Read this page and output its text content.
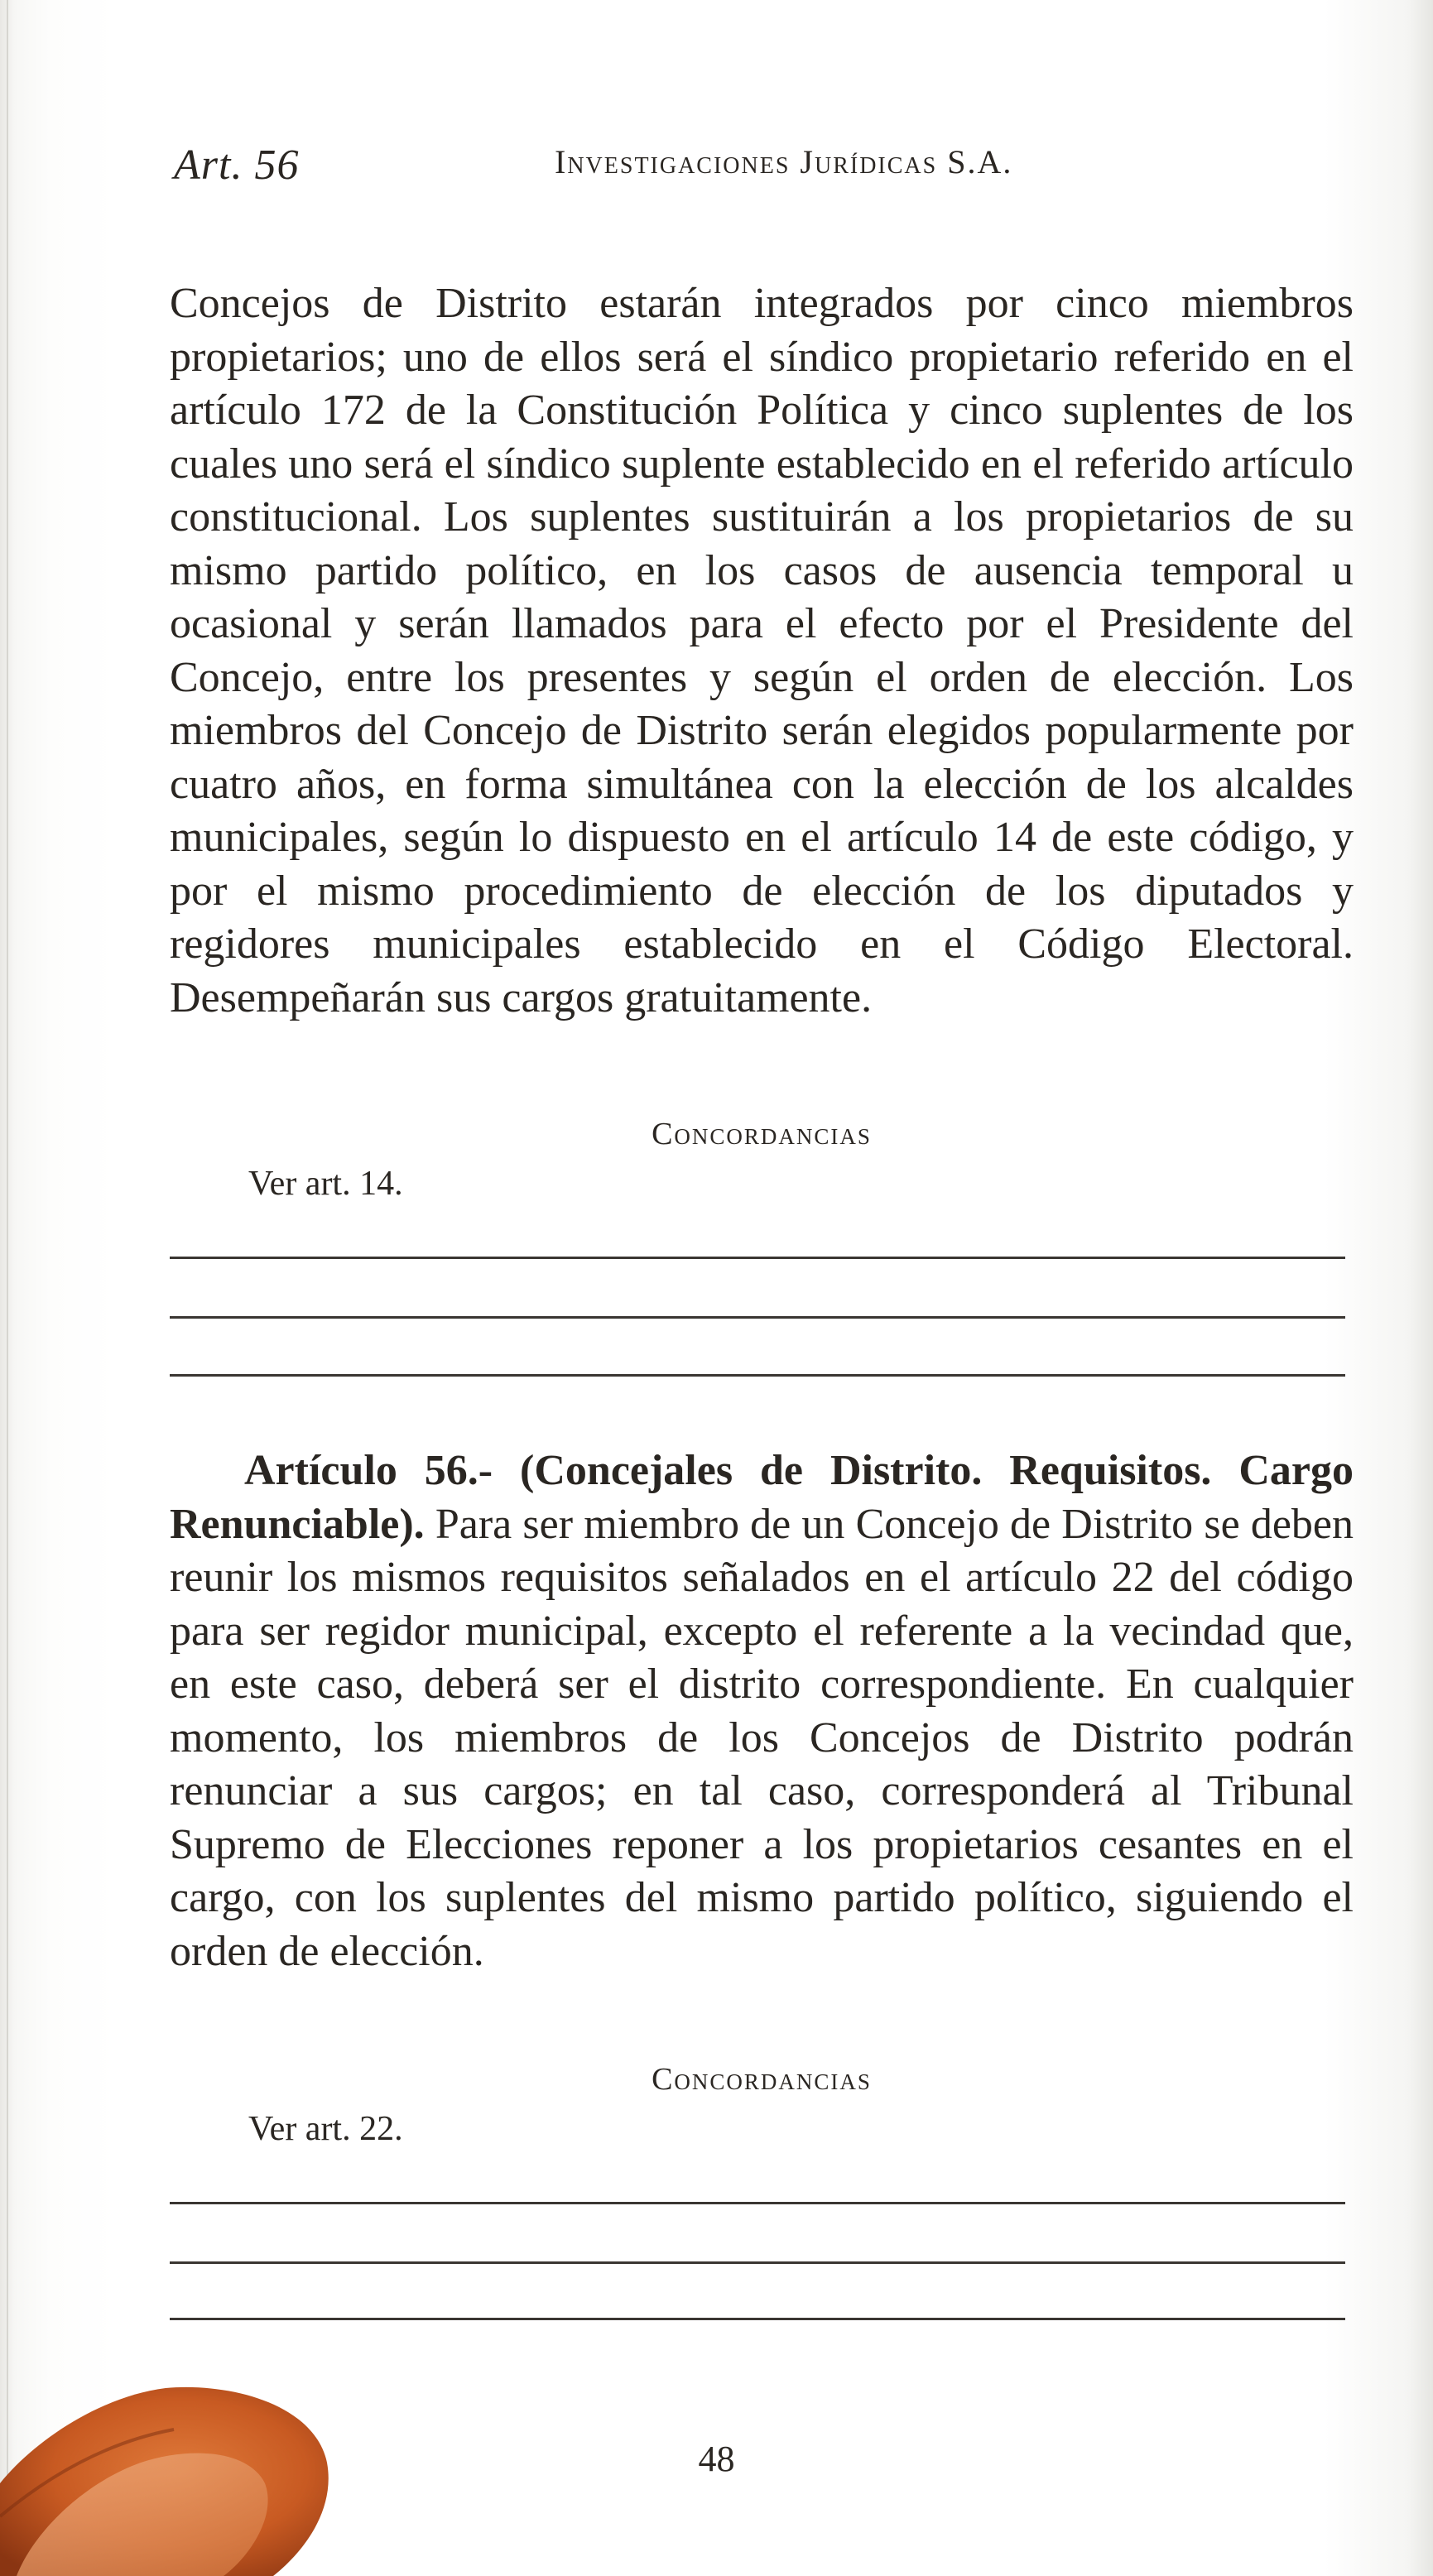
Art. 56	Investigaciones Jurídicas S.A.

Concejos de Distrito estarán integrados por cinco miembros propietarios; uno de ellos será el síndico propietario referido en el artículo 172 de la Constitución Política y cinco suplentes de los cuales uno será el síndico suplente establecido en el referido artículo constitucional. Los suplentes sustituirán a los propietarios de su mismo partido político, en los casos de ausencia temporal u ocasional y serán llamados para el efecto por el Presidente del Concejo, entre los presentes y según el orden de elección. Los miembros del Concejo de Distrito serán elegidos popularmente por cuatro años, en forma simultánea con la elección de los alcaldes municipales, según lo dispuesto en el artículo 14 de este código, y por el mismo procedimiento de elección de los diputados y regidores municipales establecido en el Código Electoral. Desempeñarán sus cargos gratuitamente.

Concordancias
Ver art. 14.

Artículo 56.- (Concejales de Distrito. Requisitos. Cargo Renunciable). Para ser miembro de un Concejo de Distrito se deben reunir los mismos requisitos señalados en el artículo 22 del código para ser regidor municipal, excepto el referente a la vecindad que, en este caso, deberá ser el distrito correspondiente. En cualquier momento, los miembros de los Concejos de Distrito podrán renunciar a sus cargos; en tal caso, corresponderá al Tribunal Supremo de Elecciones reponer a los propietarios cesantes en el cargo, con los suplentes del mismo partido político, siguiendo el orden de elección.

Concordancias
Ver art. 22.
48
